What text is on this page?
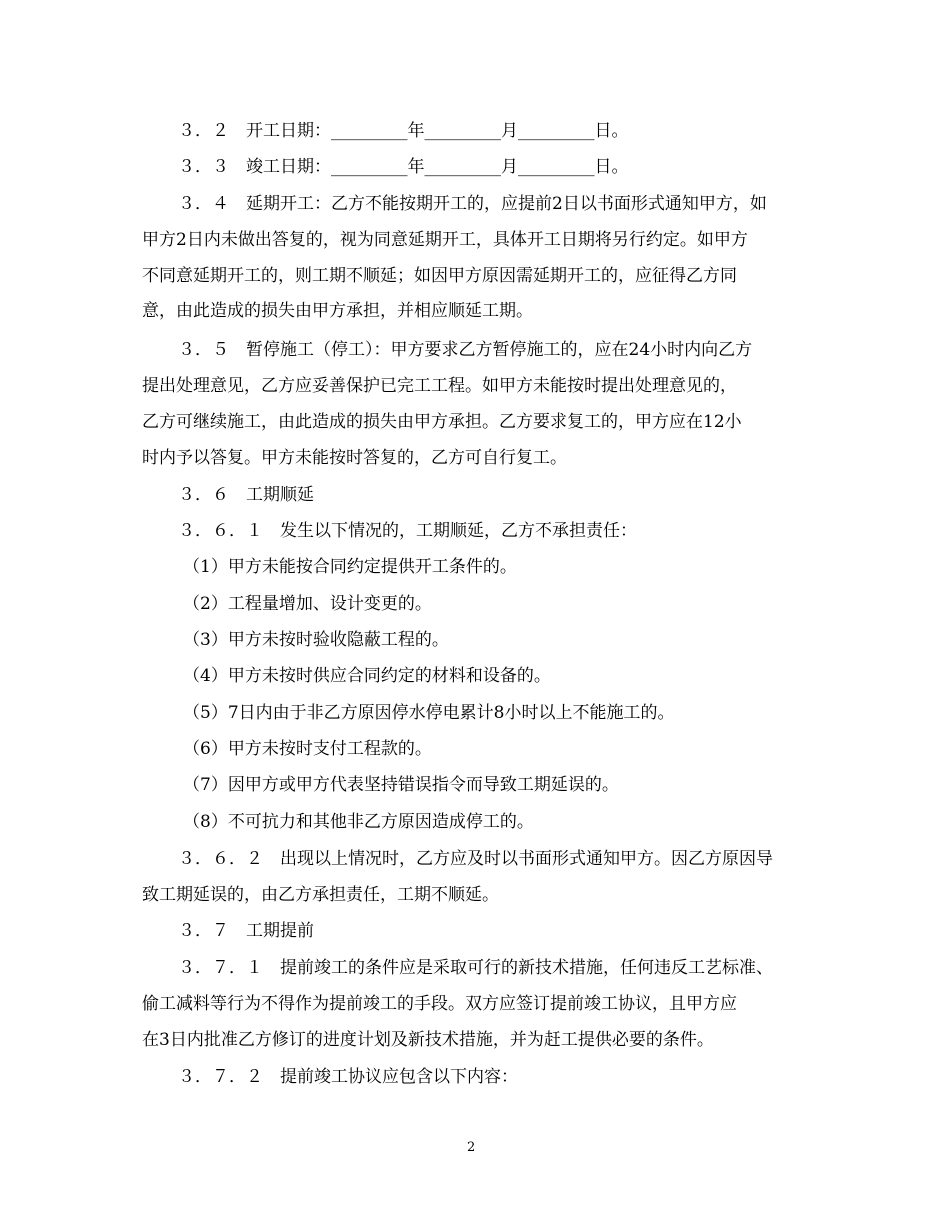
３．２　开工日期：_________年_________月_________日。
３．３　竣工日期：_________年_________月_________日。
３．４　延期开工：乙方不能按期开工的，应提前2日以书面形式通知甲方，如
甲方2日内未做出答复的，视为同意延期开工，具体开工日期将另行约定。如甲方
不同意延期开工的，则工期不顺延；如因甲方原因需延期开工的，应征得乙方同
意，由此造成的损失由甲方承担，并相应顺延工期。
３．５　暂停施工（停工）：甲方要求乙方暂停施工的，应在24小时内向乙方
提出处理意见，乙方应妥善保护已完工工程。如甲方未能按时提出处理意见的，
乙方可继续施工，由此造成的损失由甲方承担。乙方要求复工的，甲方应在12小
时内予以答复。甲方未能按时答复的，乙方可自行复工。
３．６　工期顺延
３．６．１　发生以下情况的，工期顺延，乙方不承担责任：
（1）甲方未能按合同约定提供开工条件的。
（2）工程量增加、设计变更的。
（3）甲方未按时验收隐蔽工程的。
（4）甲方未按时供应合同约定的材料和设备的。
（5）7日内由于非乙方原因停水停电累计8小时以上不能施工的。
（6）甲方未按时支付工程款的。
（7）因甲方或甲方代表坚持错误指令而导致工期延误的。
（8）不可抗力和其他非乙方原因造成停工的。
３．６．２　出现以上情况时，乙方应及时以书面形式通知甲方。因乙方原因导
致工期延误的，由乙方承担责任，工期不顺延。
３．７　工期提前
３．７．１　提前竣工的条件应是采取可行的新技术措施，任何违反工艺标准、
偷工减料等行为不得作为提前竣工的手段。双方应签订提前竣工协议，且甲方应
在3日内批准乙方修订的进度计划及新技术措施，并为赶工提供必要的条件。
３．７．２　提前竣工协议应包含以下内容：
2
